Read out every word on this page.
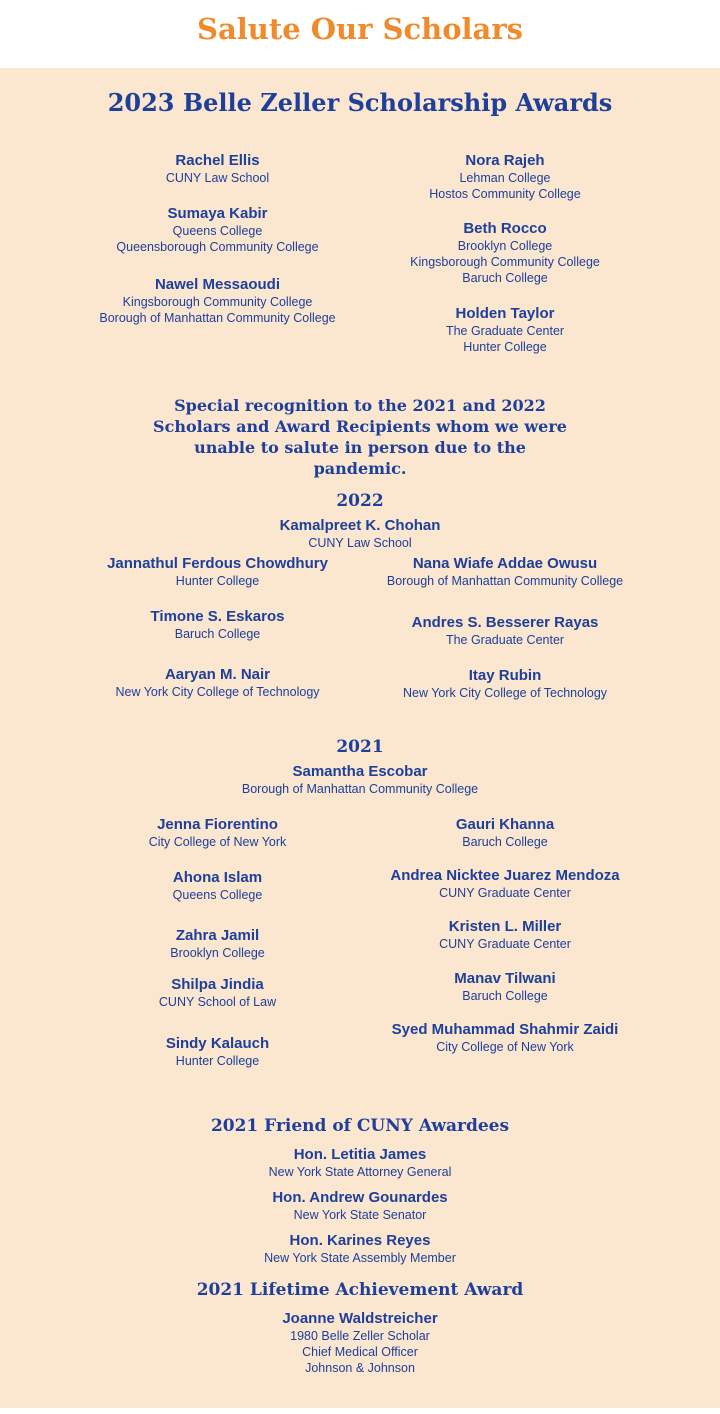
Salute Our Scholars
2023 Belle Zeller Scholarship Awards
Rachel Ellis
CUNY Law School
Sumaya Kabir
Queens College
Queensborough Community College
Nawel Messaoudi
Kingsborough Community College
Borough of Manhattan Community College
Nora Rajeh
Lehman College
Hostos Community College
Beth Rocco
Brooklyn College
Kingsborough Community College
Baruch College
Holden Taylor
The Graduate Center
Hunter College
Special recognition to the 2021 and 2022 Scholars and Award Recipients whom we were unable to salute in person due to the pandemic.
2022
Kamalpreet K. Chohan
CUNY Law School
Jannathul Ferdous Chowdhury
Hunter College
Timone S. Eskaros
Baruch College
Aaryan M. Nair
New York City College of Technology
Nana Wiafe Addae Owusu
Borough of Manhattan Community College
Andres S. Besserer Rayas
The Graduate Center
Itay Rubin
New York City College of Technology
2021
Samantha Escobar
Borough of Manhattan Community College
Jenna Fiorentino
City College of New York
Ahona Islam
Queens College
Zahra Jamil
Brooklyn College
Shilpa Jindia
CUNY School of Law
Sindy Kalauch
Hunter College
Gauri Khanna
Baruch College
Andrea Nicktee Juarez Mendoza
CUNY Graduate Center
Kristen L. Miller
CUNY Graduate Center
Manav Tilwani
Baruch College
Syed Muhammad Shahmir Zaidi
City College of New York
2021 Friend of CUNY Awardees
Hon. Letitia James
New York State Attorney General
Hon. Andrew Gounardes
New York State Senator
Hon. Karines Reyes
New York State Assembly Member
2021 Lifetime Achievement Award
Joanne Waldstreicher
1980 Belle Zeller Scholar
Chief Medical Officer
Johnson & Johnson
